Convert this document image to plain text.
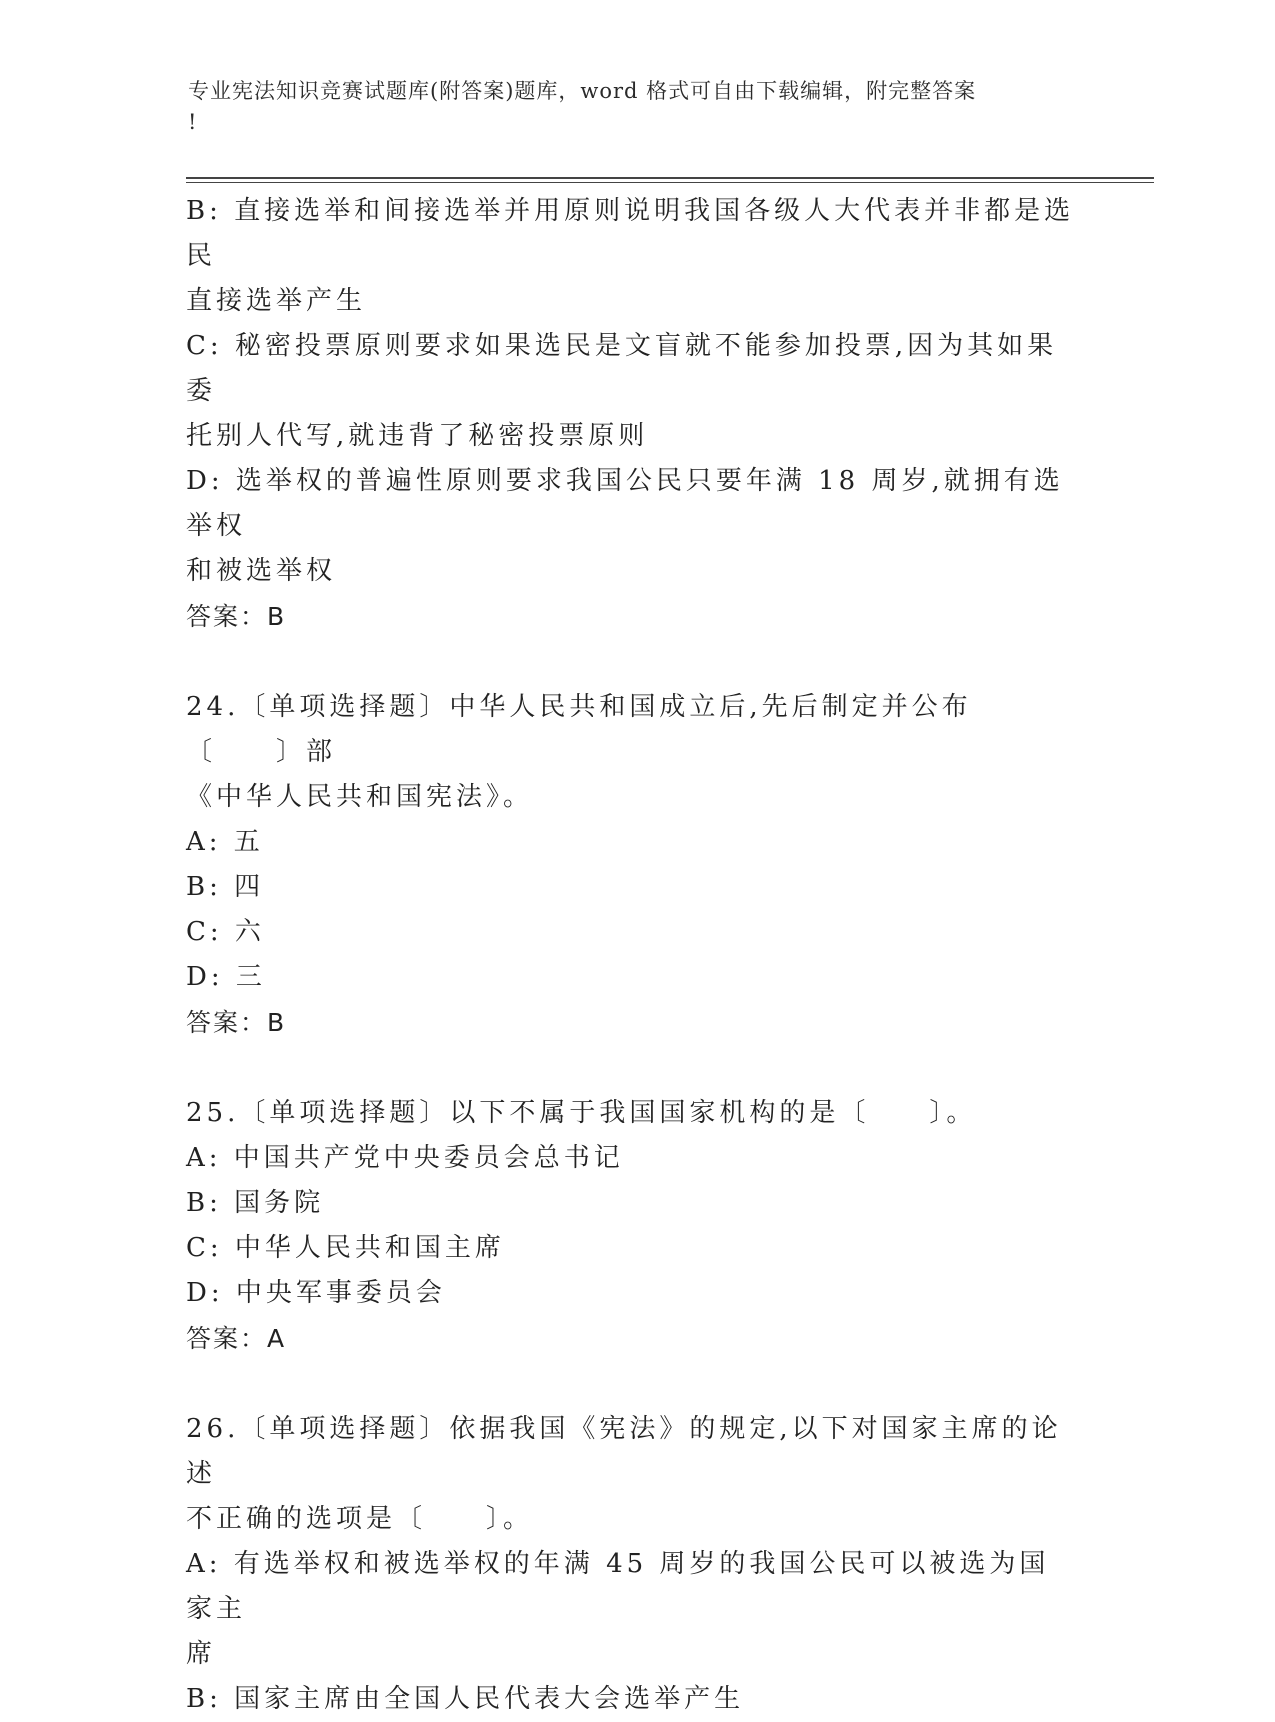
专业宪法知识竞赛试题库(附答案)题库，word 格式可自由下载编辑，附完整答案
!

B: 直接选举和间接选举并用原则说明我国各级人大代表并非都是选民

直接选举产生

C: 秘密投票原则要求如果选民是文盲就不能参加投票,因为其如果委

托别人代写,就违背了秘密投票原则

D: 选举权的普遍性原则要求我国公民只要年满 18 周岁,就拥有选举权

和被选举权

答案：B

24.〔单项选择题〕中华人民共和国成立后,先后制定并公布〔　　〕部

《中华人民共和国宪法》。

A: 五

B: 四

C: 六

D: 三

答案：B

25.〔单项选择题〕以下不属于我国国家机构的是〔　　〕。

A: 中国共产党中央委员会总书记

B: 国务院

C: 中华人民共和国主席

D: 中央军事委员会

答案：A

26.〔单项选择题〕依据我国《宪法》的规定,以下对国家主席的论述

不正确的选项是〔　　〕。

A: 有选举权和被选举权的年满 45 周岁的我国公民可以被选为国家主

席

B: 国家主席由全国人民代表大会选举产生
